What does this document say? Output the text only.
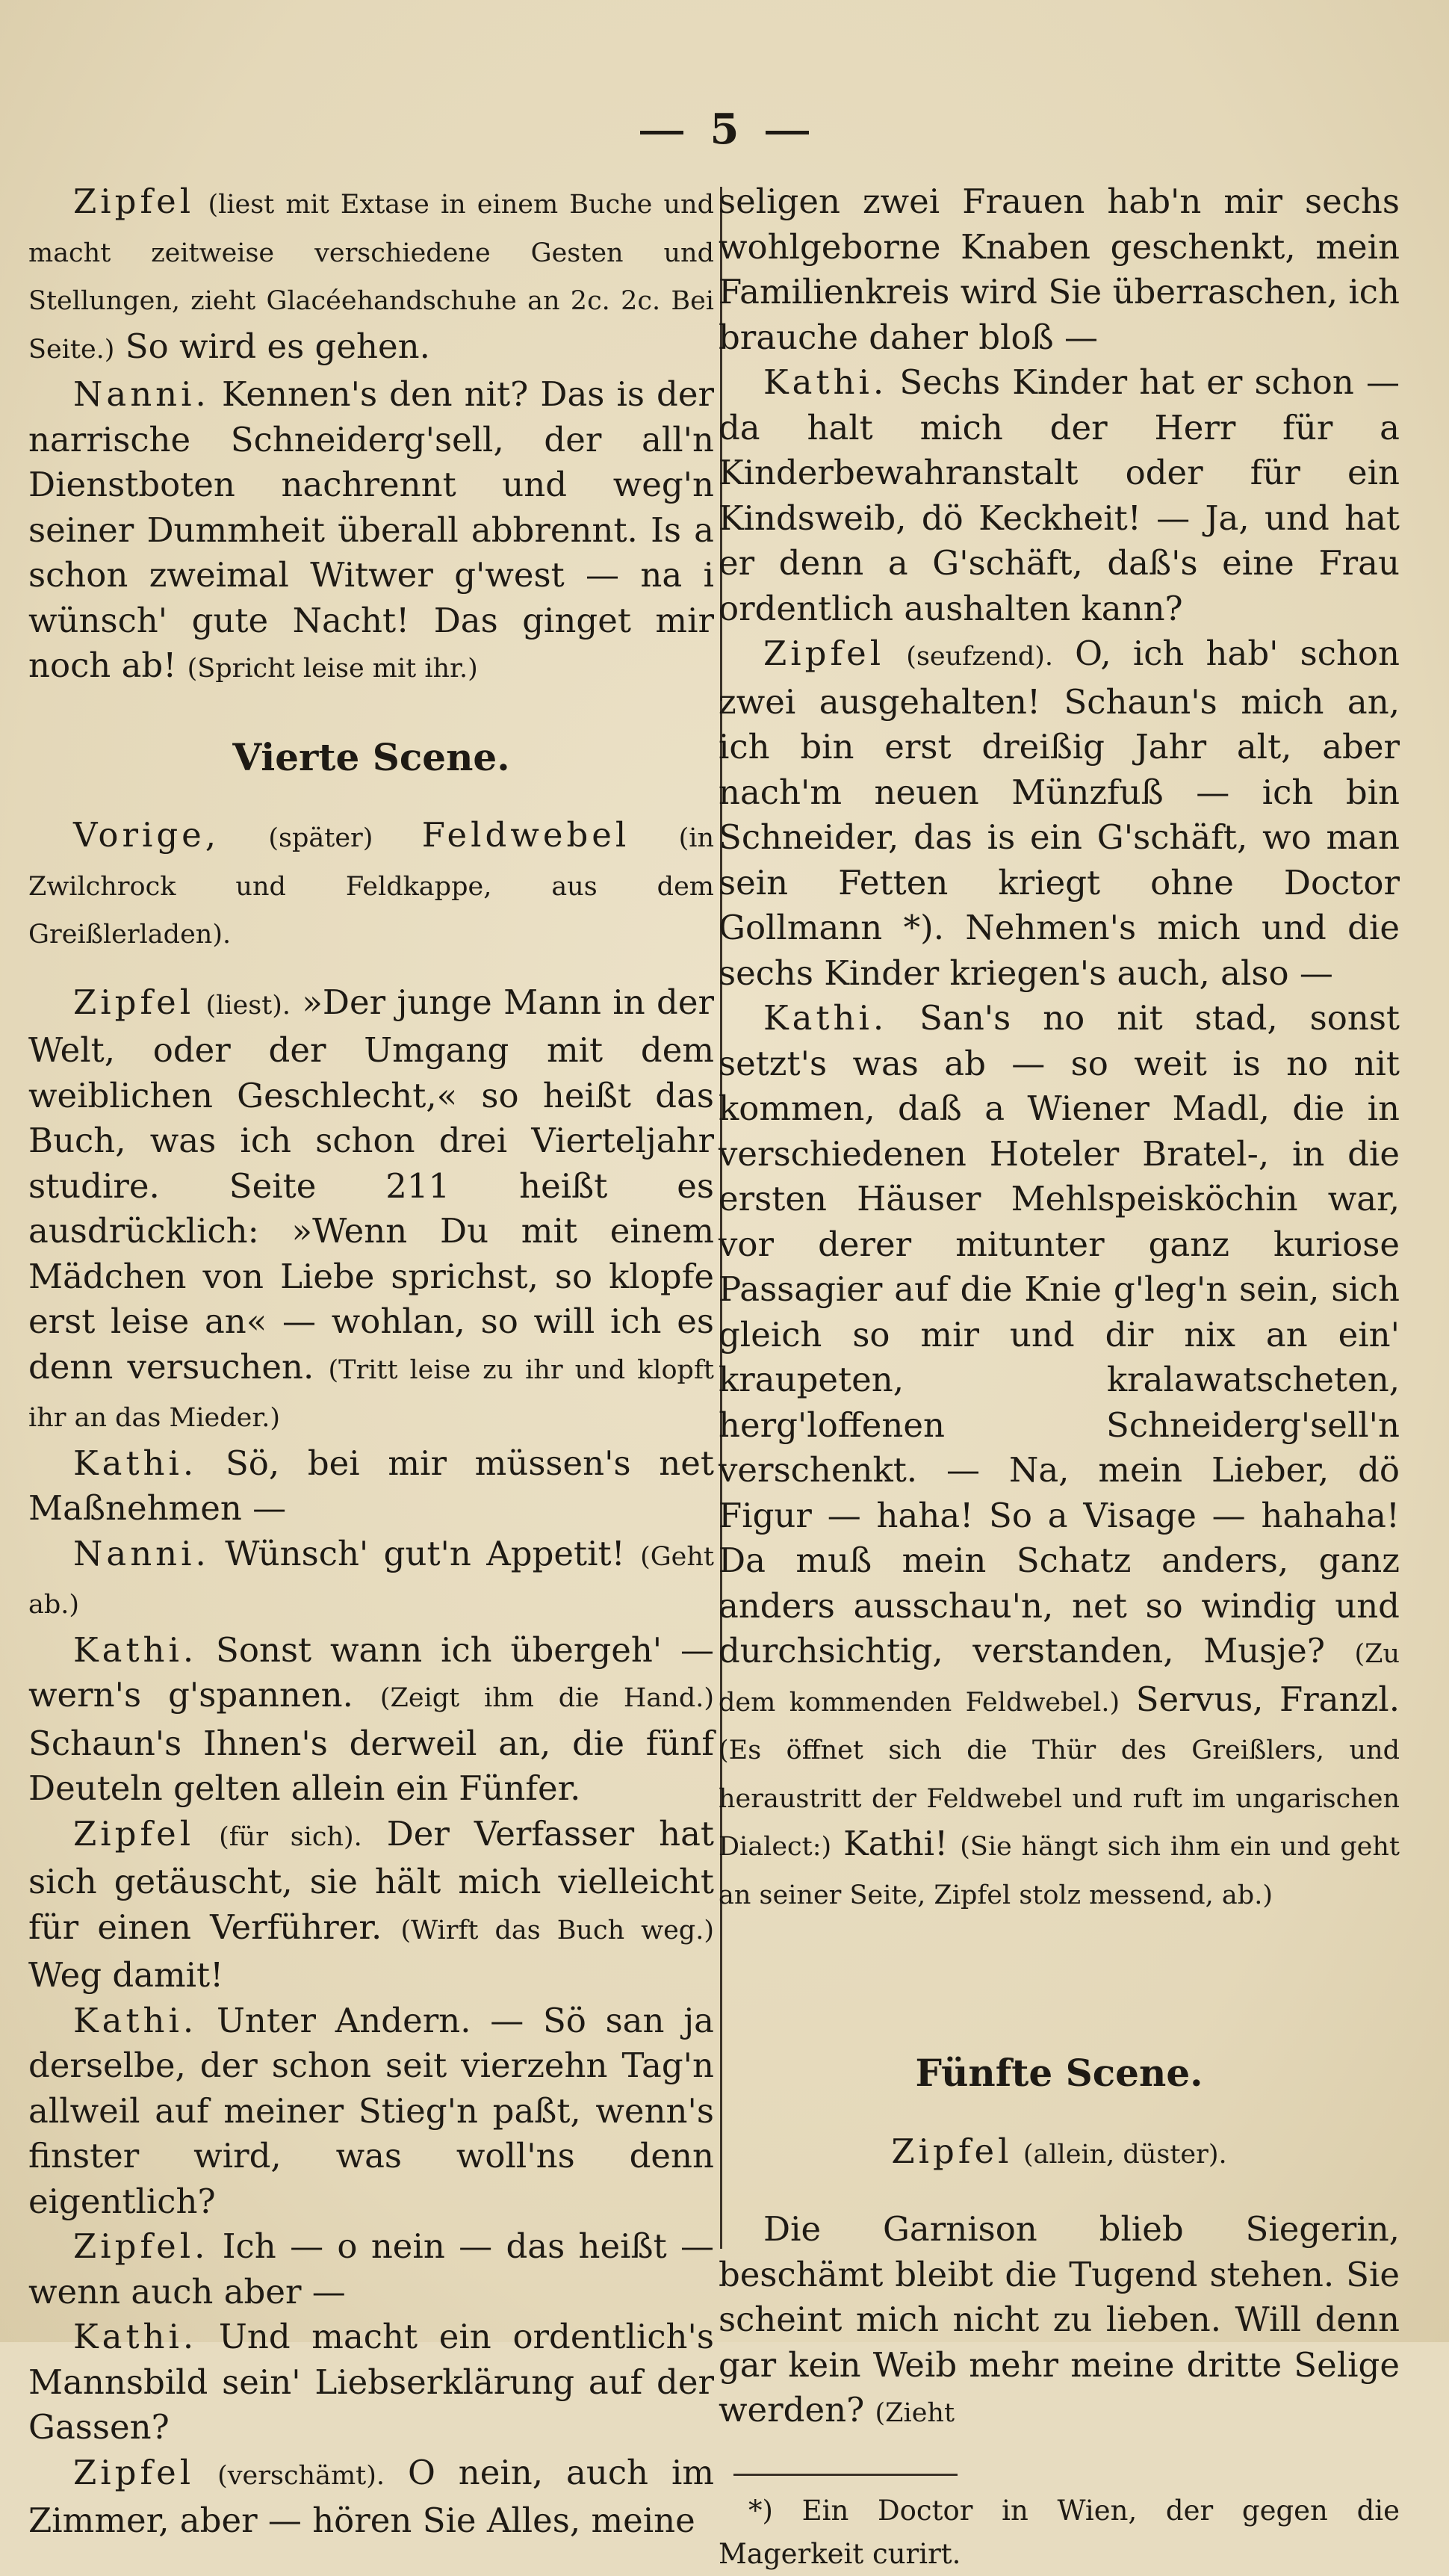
5

Zipfel (liest mit Extase in einem Buche und macht zeitweise verschiedene Gesten und Stellungen, zieht Glacéehandschuhe an 2c. 2c. Bei Seite.) So wird es gehen.

Nanni. Kennen's den nit? Das is der narrische Schneiderg'sell, der all'n Dienstboten nachrennt und weg'n seiner Dummheit überall abbrennt. Is a schon zweimal Witwer g'west — na i wünsch' gute Nacht! Das ginget mir noch ab! (Spricht leise mit ihr.)

Vierte Scene.

Vorige, (später) Feldwebel (in Zwilchrock und Feldkappe, aus dem Greißlerladen).

Zipfel (liest). »Der junge Mann in der Welt, oder der Umgang mit dem weiblichen Geschlecht,« so heißt das Buch, was ich schon drei Vierteljahr studire. Seite 211 heißt es ausdrücklich: »Wenn Du mit einem Mädchen von Liebe sprichst, so klopfe erst leise an« — wohlan, so will ich es denn versuchen. (Tritt leise zu ihr und klopft ihr an das Mieder.)

Kathi. Sö, bei mir müssen's net Maßnehmen —

Nanni. Wünsch' gut'n Appetit! (Geht ab.)

Kathi. Sonst wann ich übergeh' — wern's g'spannen. (Zeigt ihm die Hand.) Schaun's Ihnen's derweil an, die fünf Deuteln gelten allein ein Fünfer.

Zipfel (für sich). Der Verfasser hat sich getäuscht, sie hält mich vielleicht für einen Verführer. (Wirft das Buch weg.) Weg damit!

Kathi. Unter Andern. — Sö san ja derselbe, der schon seit vierzehn Tag'n allweil auf meiner Stieg'n paßt, wenn's finster wird, was woll'ns denn eigentlich?

Zipfel. Ich — o nein — das heißt — wenn auch aber —

Kathi. Und macht ein ordentlich's Mannsbild sein' Liebserklärung auf der Gassen?

Zipfel (verschämt). O nein, auch im Zimmer, aber — hören Sie Alles, meine

seligen zwei Frauen hab'n mir sechs wohlgeborne Knaben geschenkt, mein Familienkreis wird Sie überraschen, ich brauche daher bloß —

Kathi. Sechs Kinder hat er schon — da halt mich der Herr für a Kinderbewahranstalt oder für ein Kindsweib, dö Keckheit! — Ja, und hat er denn a G'schäft, daß's eine Frau ordentlich aushalten kann?

Zipfel (seufzend). O, ich hab' schon zwei ausgehalten! Schaun's mich an, ich bin erst dreißig Jahr alt, aber nach'm neuen Münzfuß — ich bin Schneider, das is ein G'schäft, wo man sein Fetten kriegt ohne Doctor Gollmann *). Nehmen's mich und die sechs Kinder kriegen's auch, also —

Kathi. San's no nit stad, sonst setzt's was ab — so weit is no nit kommen, daß a Wiener Madl, die in verschiedenen Hoteler Bratel-, in die ersten Häuser Mehlspeisköchin war, vor derer mitunter ganz kuriose Passagier auf die Knie g'leg'n sein, sich gleich so mir und dir nix an ein' kraupeten, kralawatscheten, herg'loffenen Schneiderg'sell'n verschenkt. — Na, mein Lieber, dö Figur — haha! So a Visage — hahaha! Da muß mein Schatz anders, ganz anders ausschau'n, net so windig und durchsichtig, verstanden, Musje? (Zu dem kommenden Feldwebel.) Servus, Franzl. (Es öffnet sich die Thür des Greißlers, und heraustritt der Feldwebel und ruft im ungarischen Dialect:) Kathi! (Sie hängt sich ihm ein und geht an seiner Seite, Zipfel stolz messend, ab.)

Fünfte Scene.

Zipfel (allein, düster).

Die Garnison blieb Siegerin, beschämt bleibt die Tugend stehen. Sie scheint mich nicht zu lieben. Will denn gar kein Weib mehr meine dritte Selige werden? (Zieht

*) Ein Doctor in Wien, der gegen die Magerkeit curirt.
